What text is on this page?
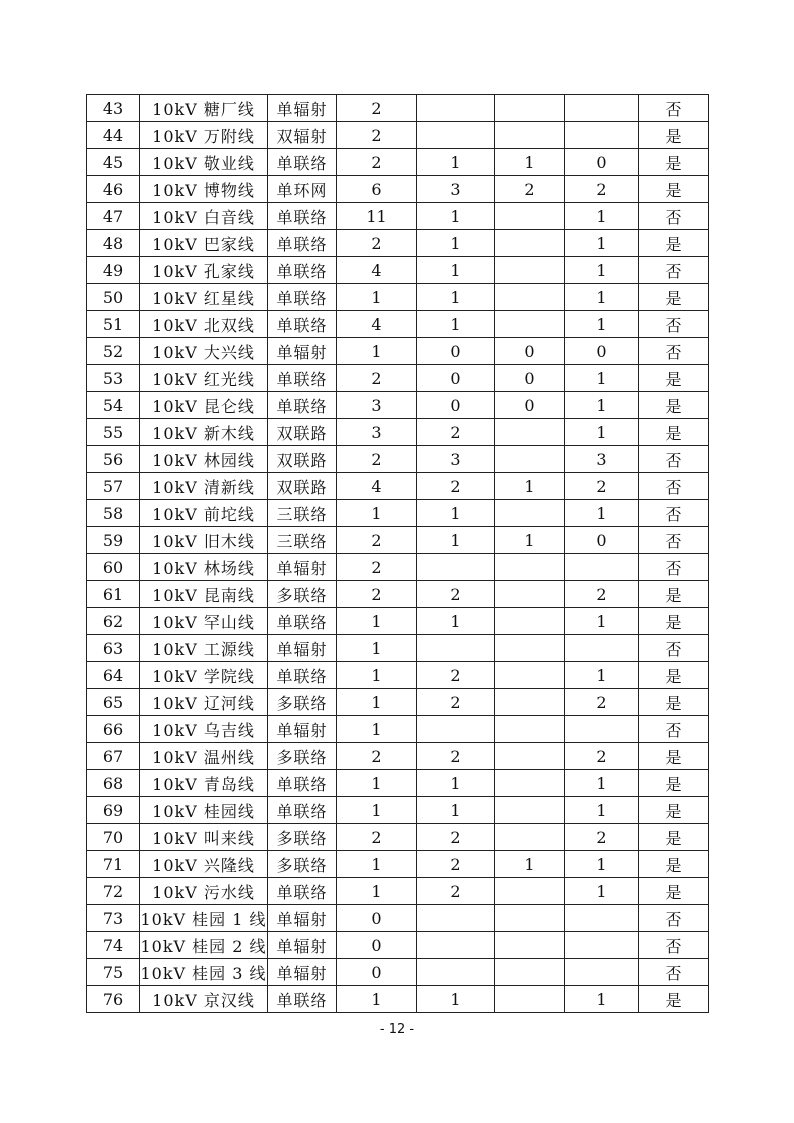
43	10kV 糖厂线	单辐射	2				否
44	10kV 万附线	双辐射	2				是
45	10kV 敬业线	单联络	2	1	1	0	是
46	10kV 博物线	单环网	6	3	2	2	是
47	10kV 白音线	单联络	11	1		1	否
48	10kV 巴家线	单联络	2	1		1	是
49	10kV 孔家线	单联络	4	1		1	否
50	10kV 红星线	单联络	1	1		1	是
51	10kV 北双线	单联络	4	1		1	否
52	10kV 大兴线	单辐射	1	0	0	0	否
53	10kV 红光线	单联络	2	0	0	1	是
54	10kV 昆仑线	单联络	3	0	0	1	是
55	10kV 新木线	双联路	3	2		1	是
56	10kV 林园线	双联路	2	3		3	否
57	10kV 清新线	双联路	4	2	1	2	否
58	10kV 前坨线	三联络	1	1		1	否
59	10kV 旧木线	三联络	2	1	1	0	否
60	10kV 林场线	单辐射	2				否
61	10kV 昆南线	多联络	2	2		2	是
62	10kV 罕山线	单联络	1	1		1	是
63	10kV 工源线	单辐射	1				否
64	10kV 学院线	单联络	1	2		1	是
65	10kV 辽河线	多联络	1	2		2	是
66	10kV 乌吉线	单辐射	1				否
67	10kV 温州线	多联络	2	2		2	是
68	10kV 青岛线	单联络	1	1		1	是
69	10kV 桂园线	单联络	1	1		1	是
70	10kV 叫来线	多联络	2	2		2	是
71	10kV 兴隆线	多联络	1	2	1	1	是
72	10kV 污水线	单联络	1	2		1	是
73	10kV 桂园 1 线	单辐射	0				否
74	10kV 桂园 2 线	单辐射	0				否
75	10kV 桂园 3 线	单辐射	0				否
76	10kV 京汉线	单联络	1	1		1	是
- 12 -
